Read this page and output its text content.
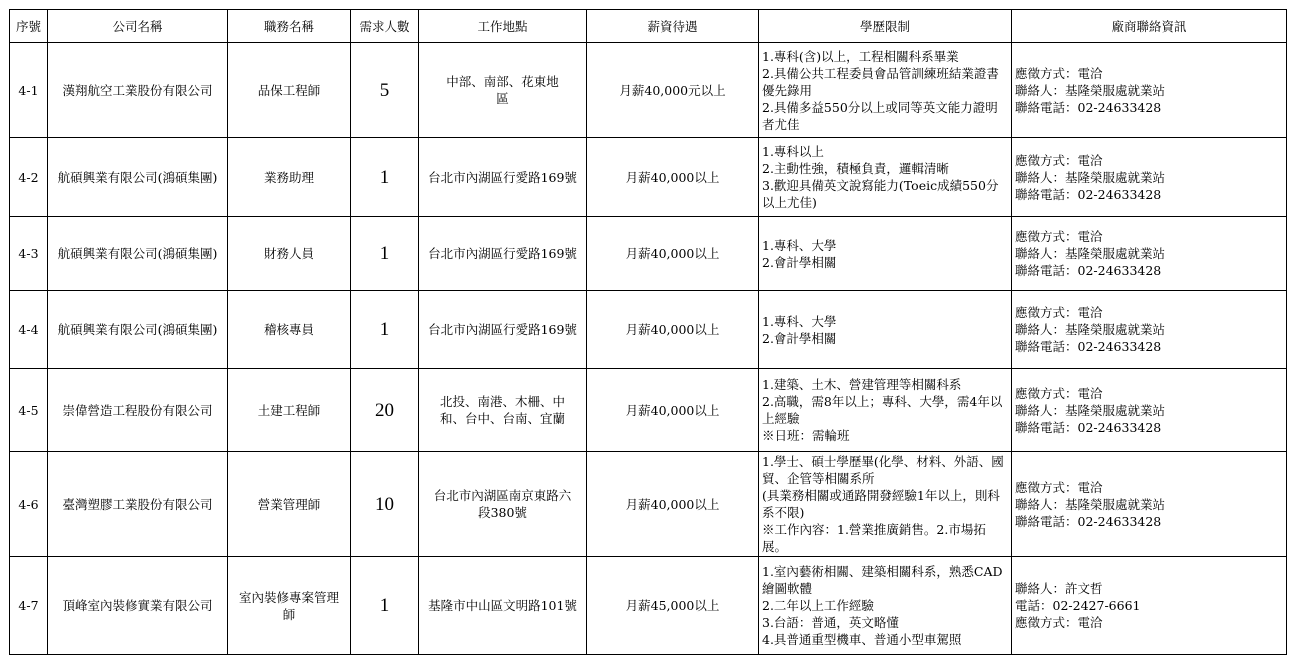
序號	公司名稱	職務名稱	需求人數	工作地點	薪資待遇	學歷限制	廠商聯絡資訊
4-1	漢翔航空工業股份有限公司	品保工程師	5	中部、南部、花東地區	月薪40,000元以上	1.專科(含)以上，工程相關科系畢業
2.具備公共工程委員會品管訓練班結業證書優先錄用
2.具備多益550分以上或同等英文能力證明者尤佳	應徵方式：電洽
聯絡人：基隆榮服處就業站
聯絡電話：02-24633428

4-2	航碩興業有限公司(鴻碩集團)	業務助理	1	台北市內湖區行愛路169號	月薪40,000以上	1.專科以上
2.主動性強，積極負責，邏輯清晰
3.歡迎具備英文說寫能力(Toeic成績550分以上尤佳)	應徵方式：電洽
聯絡人：基隆榮服處就業站
聯絡電話：02-24633428

4-3	航碩興業有限公司(鴻碩集團)	財務人員	1	台北市內湖區行愛路169號	月薪40,000以上	1.專科、大學
2.會計學相關	應徵方式：電洽
聯絡人：基隆榮服處就業站
聯絡電話：02-24633428

4-4	航碩興業有限公司(鴻碩集團)	稽核專員	1	台北市內湖區行愛路169號	月薪40,000以上	1.專科、大學
2.會計學相關	應徵方式：電洽
聯絡人：基隆榮服處就業站
聯絡電話：02-24633428

4-5	崇偉營造工程股份有限公司	土建工程師	20	北投、南港、木柵、中和、台中、台南、宜蘭	月薪40,000以上	1.建築、土木、營建管理等相關科系
2.高職，需8年以上；專科、大學，需4年以上經驗
※日班：需輪班	應徵方式：電洽
聯絡人：基隆榮服處就業站
聯絡電話：02-24633428

4-6	臺灣塑膠工業股份有限公司	營業管理師	10	台北市內湖區南京東路六段380號	月薪40,000以上	1.學士、碩士學歷畢(化學、材料、外語、國貿、企管等相關系所
(具業務相關或通路開發經驗1年以上，則科系不限)
※工作內容：1.營業推廣銷售。2.市場拓展。	應徵方式：電洽
聯絡人：基隆榮服處就業站
聯絡電話：02-24633428

4-7	頂峰室內裝修實業有限公司	室內裝修專案管理師	1	基隆市中山區文明路101號	月薪45,000以上	1.室內藝術相關、建築相關科系，熟悉CAD繪圖軟體
2.二年以上工作經驗
3.台語：普通，英文略懂
4.具普通重型機車、普通小型車駕照	聯絡人：許文哲
電話：02-2427-6661
應徵方式：電洽
